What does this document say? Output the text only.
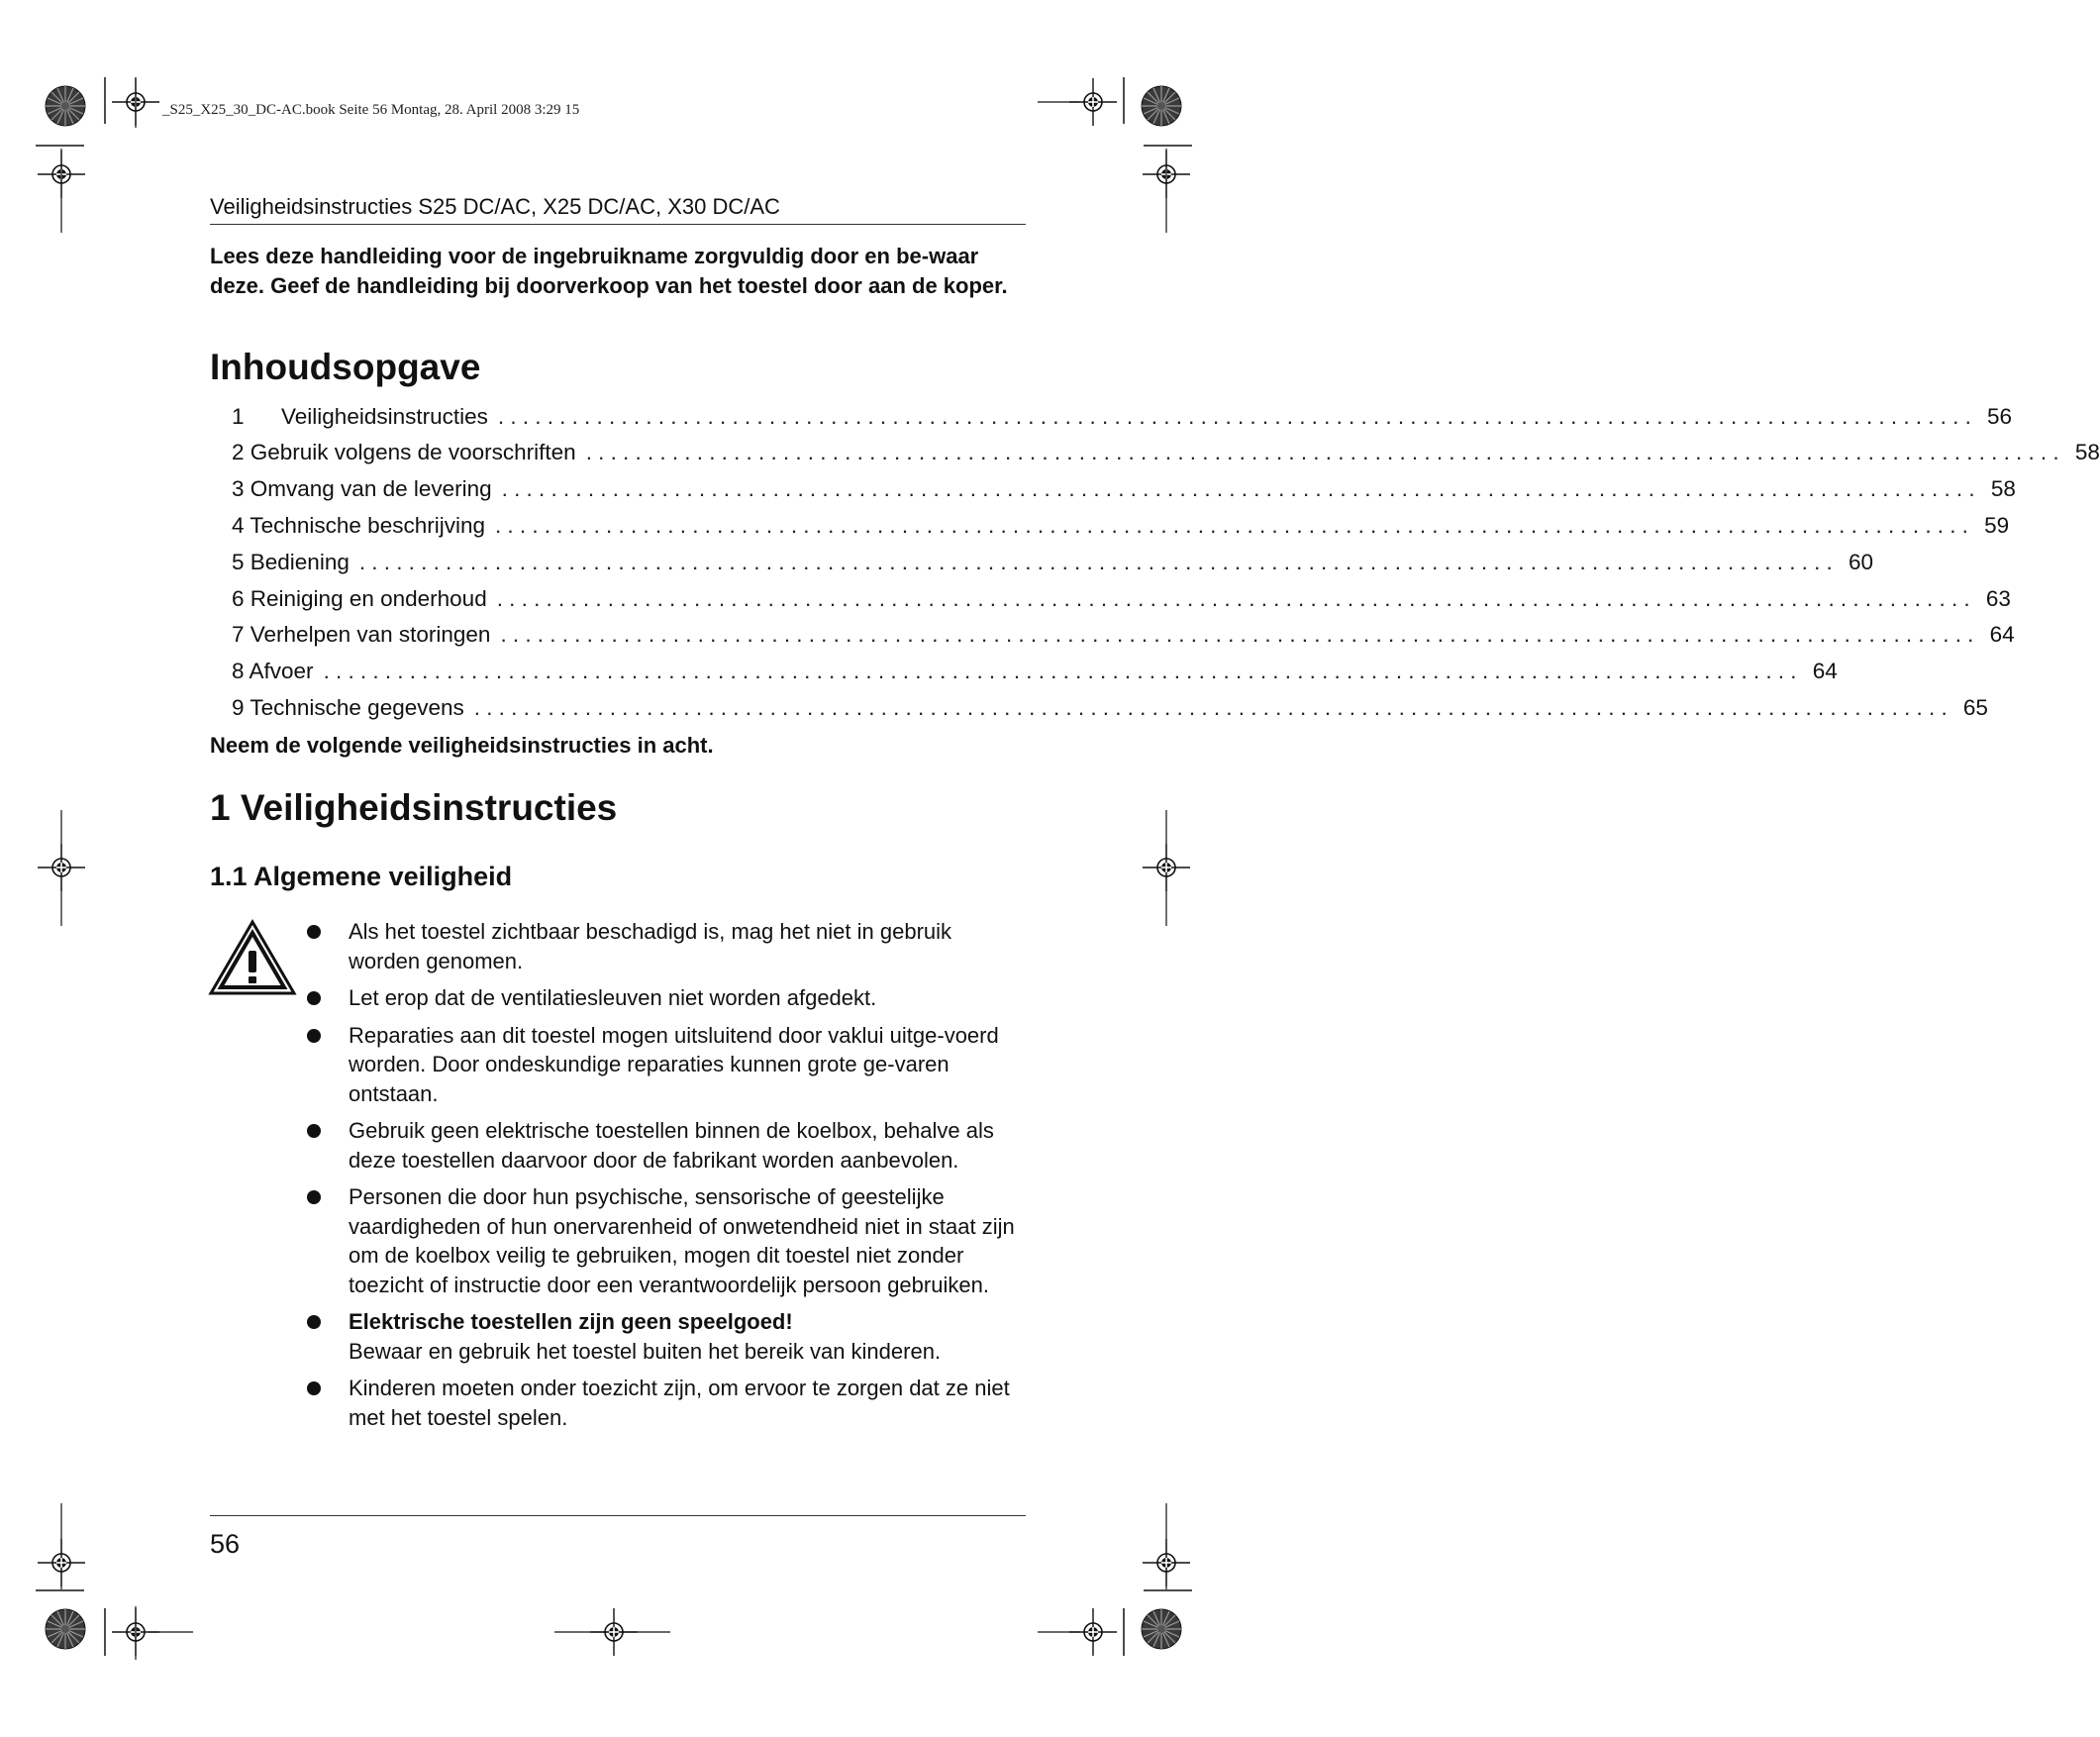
_S25_X25_30_DC-AC.book Seite 56 Montag, 28. April 2008 3:29 15
Veiligheidsinstructies S25 DC/AC, X25 DC/AC, X30 DC/AC
Lees deze handleiding voor de ingebruikname zorgvuldig door en be-waar deze. Geef de handleiding bij doorverkoop van het toestel door aan de koper.
Inhoudsopgave
1      Veiligheidsinstructies ........................................................................................................................ 56
2 Gebruik volgens de voorschriften ........................................................................................................................ 58
3 Omvang van de levering ........................................................................................................................ 58
4 Technische beschrijving ........................................................................................................................ 59
5 Bediening ........................................................................................................................ 60
6 Reiniging en onderhoud ........................................................................................................................ 63
7 Verhelpen van storingen ........................................................................................................................ 64
8 Afvoer ........................................................................................................................ 64
9 Technische gegevens ........................................................................................................................ 65
Neem de volgende veiligheidsinstructies in acht.
1 Veiligheidsinstructies
1.1 Algemene veiligheid
Als het toestel zichtbaar beschadigd is, mag het niet in gebruik worden genomen.
Let erop dat de ventilatiesleuven niet worden afgedekt.
Reparaties aan dit toestel mogen uitsluitend door vaklui uitge-voerd worden. Door ondeskundige reparaties kunnen grote ge-varen ontstaan.
Gebruik geen elektrische toestellen binnen de koelbox, behalve als deze toestellen daarvoor door de fabrikant worden aanbevolen.
Personen die door hun psychische, sensorische of geestelijke vaardigheden of hun onervarenheid of onwetendheid niet in staat zijn om de koelbox veilig te gebruiken, mogen dit toestel niet zonder toezicht of instructie door een verantwoordelijk persoon gebruiken.
Elektrische toestellen zijn geen speelgoed!
Bewaar en gebruik het toestel buiten het bereik van kinderen.
Kinderen moeten onder toezicht zijn, om ervoor te zorgen dat ze niet met het toestel spelen.
56
